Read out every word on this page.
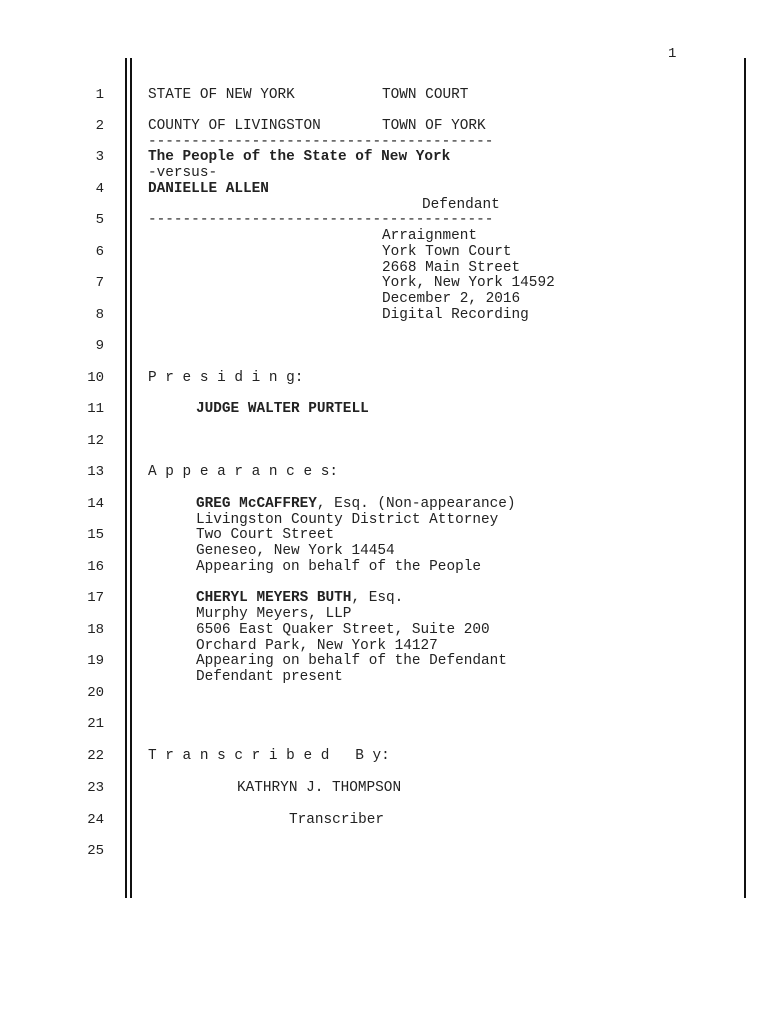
1
1
2
3
4
5
6
7
8
9
10
11
12
13
14
15
16
17
18
19
20
21
22
23
24
25
STATE OF NEW YORK	TOWN COURT
COUNTY OF LIVINGSTON	TOWN OF YORK
----------------------------------------
The People of the State of New York
-versus-
DANIELLE ALLEN
Defendant
----------------------------------------
Arraignment
York Town Court
2668 Main Street
York, New York 14592
December 2, 2016
Digital Recording
P r e s i d i n g:
JUDGE WALTER PURTELL
A p p e a r a n c e s:
GREG McCAFFREY, Esq. (Non-appearance)
Livingston County District Attorney
Two Court Street
Geneseo, New York 14454
Appearing on behalf of the People
CHERYL MEYERS BUTH, Esq.
Murphy Meyers, LLP
6506 East Quaker Street, Suite 200
Orchard Park, New York 14127
Appearing on behalf of the Defendant
Defendant present
T r a n s c r i b e d   B y:
KATHRYN J. THOMPSON
Transcriber
